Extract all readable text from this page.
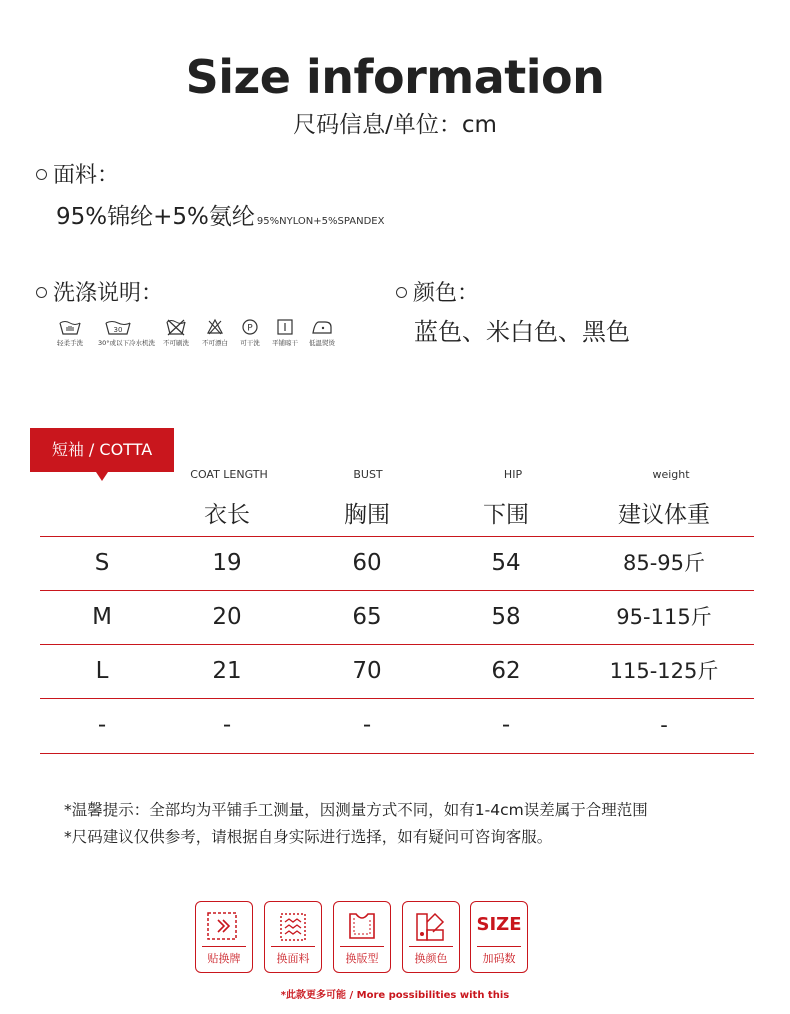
Size information
尺码信息/单位：cm
面料：
95%锦纶+5%氨纶 95%NYLON+5%SPANDEX
洗涤说明：
轻柔手洗
30
30°或以下冷水机洗	不可刷洗	不可漂白
P
可干洗	平铺晾干	低温熨烫
颜色：
蓝色、米白色、黑色
短袖 / COTTA
COAT LENGTH	BUST	HIP	weight
衣长	胸围	下围	建议体重
S	19	60	54	85-95斤
M	20	65	58	95-115斤
L	21	70	62	115-125斤
-	-	-	-	-
*温馨提示：全部均为平铺手工测量，因测量方式不同，如有1-4cm误差属于合理范围
*尺码建议仅供参考，请根据自身实际进行选择，如有疑问可咨询客服。
贴换牌	换面料	换版型	换颜色
SIZE
加码数
*此款更多可能 / More possibilities with this
